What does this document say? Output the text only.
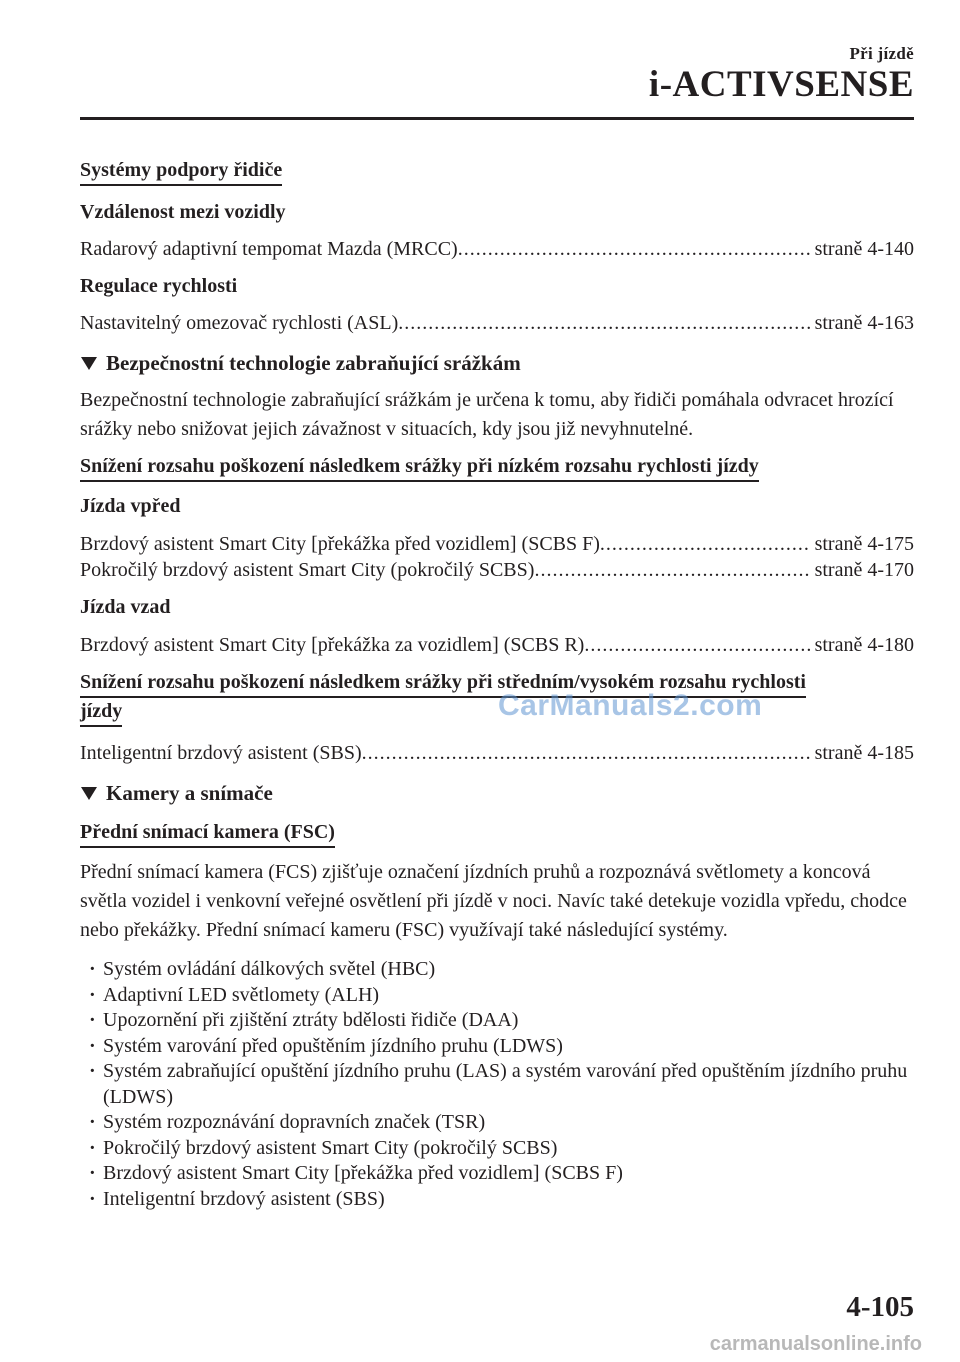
Při jízdě
i-ACTIVSENSE
Systémy podpory řidiče
Vzdálenost mezi vozidly
Radarový adaptivní tempomat Mazda (MRCC) .....	straně 4-140
Regulace rychlosti
Nastavitelný omezovač rychlosti (ASL) .....	straně 4-163
Bezpečnostní technologie zabraňující srážkám
Bezpečnostní technologie zabraňující srážkám je určena k tomu, aby řidiči pomáhala odvracet hrozící srážky nebo snižovat jejich závažnost v situacích, kdy jsou již nevyhnutelné.
Snížení rozsahu poškození následkem srážky při nízkém rozsahu rychlosti jízdy
Jízda vpřed
Brzdový asistent Smart City [překážka před vozidlem] (SCBS F) .....	straně 4-175
Pokročilý brzdový asistent Smart City (pokročilý SCBS) .....	straně 4-170
Jízda vzad
Brzdový asistent Smart City [překážka za vozidlem] (SCBS R) .....	straně 4-180
Snížení rozsahu poškození následkem srážky při středním/vysokém rozsahu rychlosti
jízdy
Inteligentní brzdový asistent (SBS) .....	straně 4-185
Kamery a snímače
Přední snímací kamera (FSC)
Přední snímací kamera (FCS) zjišťuje označení jízdních pruhů a rozpoznává světlomety a koncová světla vozidel i venkovní veřejné osvětlení při jízdě v noci. Navíc také detekuje vozidla vpředu, chodce nebo překážky. Přední snímací kameru (FSC) využívají také následující systémy.
· Systém ovládání dálkových světel (HBC)
· Adaptivní LED světlomety (ALH)
· Upozornění při zjištění ztráty bdělosti řidiče (DAA)
· Systém varování před opuštěním jízdního pruhu (LDWS)
· Systém zabraňující opuštění jízdního pruhu (LAS) a systém varování před opuštěním jízdního pruhu (LDWS)
· Systém rozpoznávání dopravních značek (TSR)
· Pokročilý brzdový asistent Smart City (pokročilý SCBS)
· Brzdový asistent Smart City [překážka před vozidlem] (SCBS F)
· Inteligentní brzdový asistent (SBS)
CarManuals2.com
4-105
carmanualsonline.info
